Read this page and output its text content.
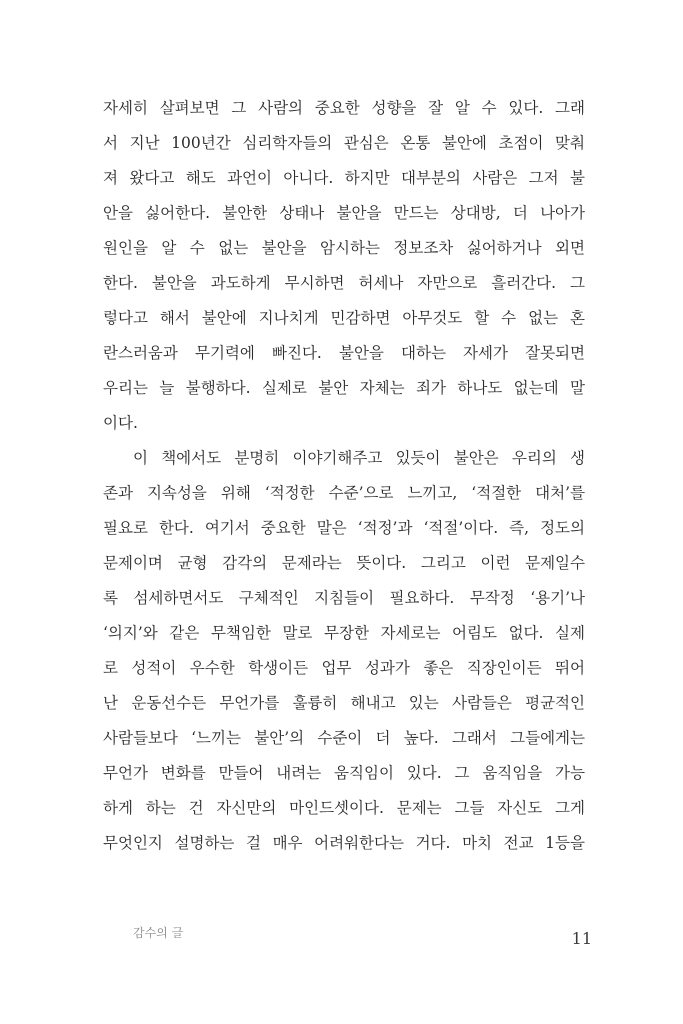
자세히 살펴보면 그 사람의 중요한 성향을 잘 알 수 있다. 그래
서 지난 100년간 심리학자들의 관심은 온통 불안에 초점이 맞춰
져 왔다고 해도 과언이 아니다. 하지만 대부분의 사람은 그저 불
안을 싫어한다. 불안한 상태나 불안을 만드는 상대방, 더 나아가
원인을 알 수 없는 불안을 암시하는 정보조차 싫어하거나 외면
한다. 불안을 과도하게 무시하면 허세나 자만으로 흘러간다. 그
렇다고 해서 불안에 지나치게 민감하면 아무것도 할 수 없는 혼
란스러움과 무기력에 빠진다. 불안을 대하는 자세가 잘못되면
우리는 늘 불행하다. 실제로 불안 자체는 죄가 하나도 없는데 말
이다.
이 책에서도 분명히 이야기해주고 있듯이 불안은 우리의 생
존과 지속성을 위해 ‘적정한 수준’으로 느끼고, ‘적절한 대처’를
필요로 한다. 여기서 중요한 말은 ‘적정’과 ‘적절’이다. 즉, 정도의
문제이며 균형 감각의 문제라는 뜻이다. 그리고 이런 문제일수
록 섬세하면서도 구체적인 지침들이 필요하다. 무작정 ‘용기’나
‘의지’와 같은 무책임한 말로 무장한 자세로는 어림도 없다. 실제
로 성적이 우수한 학생이든 업무 성과가 좋은 직장인이든 뛰어
난 운동선수든 무언가를 훌륭히 해내고 있는 사람들은 평균적인
사람들보다 ‘느끼는 불안’의 수준이 더 높다. 그래서 그들에게는
무언가 변화를 만들어 내려는 움직임이 있다. 그 움직임을 가능
하게 하는 건 자신만의 마인드셋이다. 문제는 그들 자신도 그게
무엇인지 설명하는 걸 매우 어려워한다는 거다. 마치 전교 1등을
감수의 글	11
